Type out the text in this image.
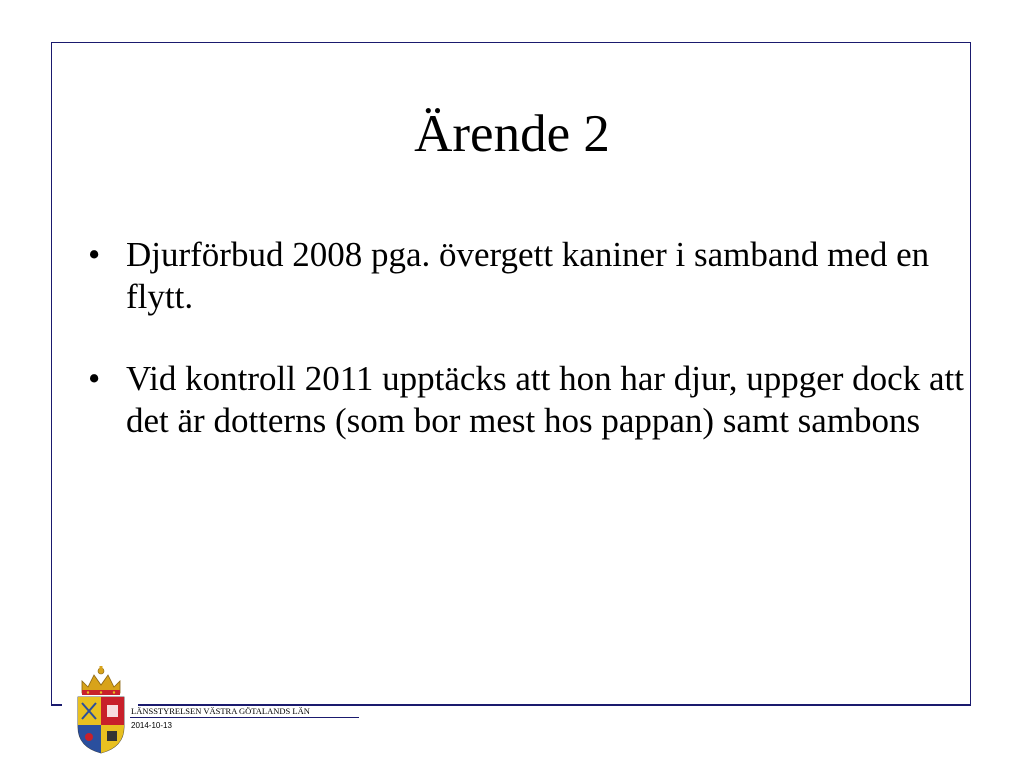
Ärende 2
• Djurförbud 2008 pga. övergett kaniner i samband med en flytt.
• Vid kontroll 2011 upptäcks att hon har djur, uppger dock att det är dotterns (som bor mest hos pappan) samt sambons
LÄNSSTYRELSEN VÄSTRA GÖTALANDS LÄN
2014-10-13
